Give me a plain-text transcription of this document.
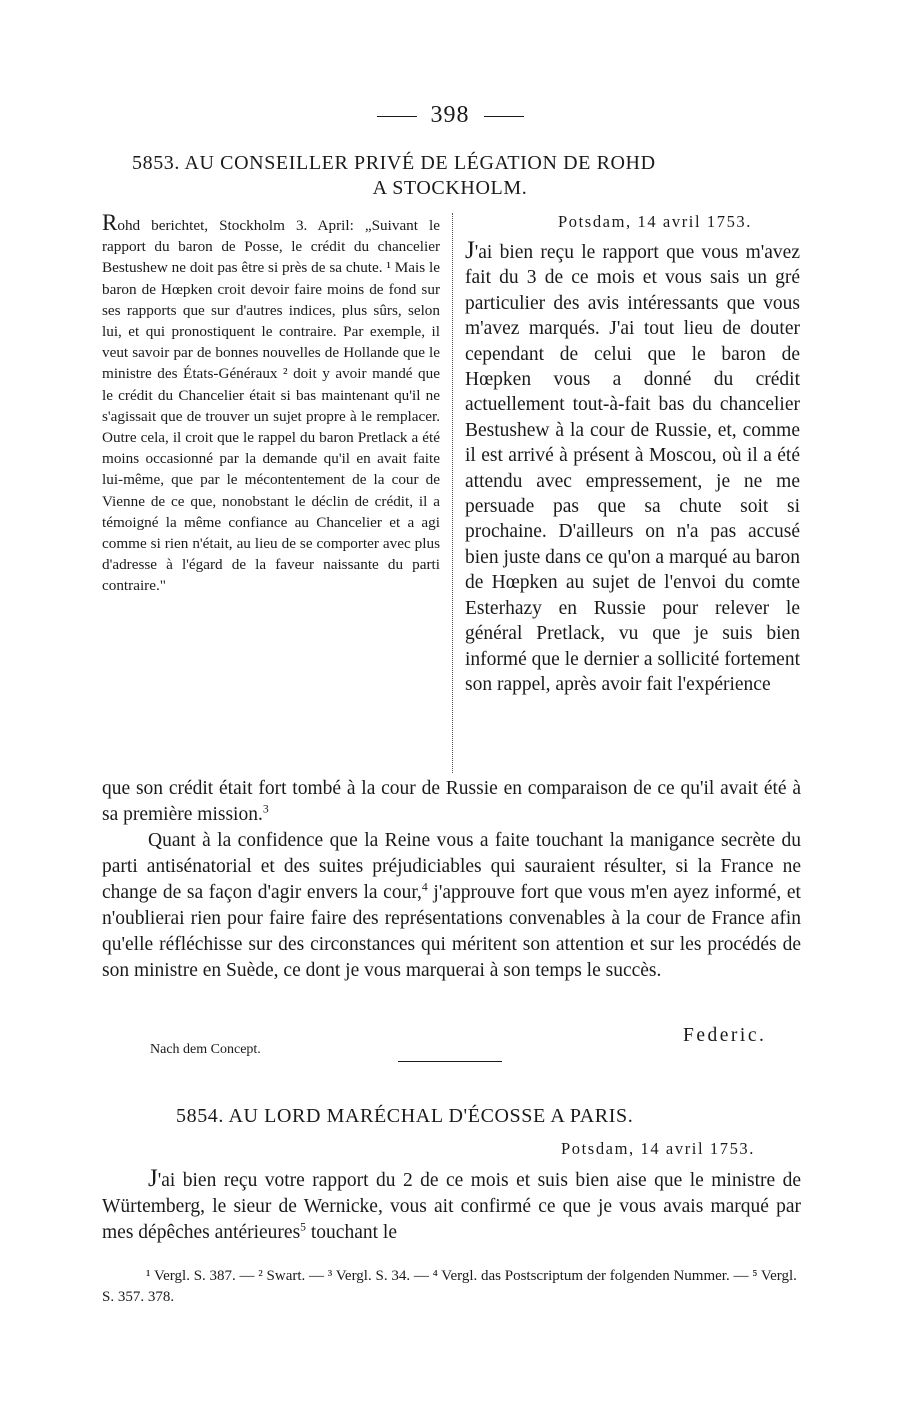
398
5853. AU CONSEILLER PRIVÉ DE LÉGATION DE ROHD
A STOCKHOLM.
Rohd berichtet, Stockholm 3. April: „Suivant le rapport du baron de Posse, le crédit du chancelier Bestushew ne doit pas être si près de sa chute. ¹ Mais le baron de Hœpken croit devoir faire moins de fond sur ses rapports que sur d'autres indices, plus sûrs, selon lui, et qui pronostiquent le contraire. Par exemple, il veut savoir par de bonnes nouvelles de Hollande que le ministre des États-Généraux ² doit y avoir mandé que le crédit du Chancelier était si bas maintenant qu'il ne s'agissait que de trouver un sujet propre à le remplacer. Outre cela, il croit que le rappel du baron Pretlack a été moins occasionné par la demande qu'il en avait faite lui-même, que par le mécontentement de la cour de Vienne de ce que, nonobstant le déclin de crédit, il a témoigné la même confiance au Chancelier et a agi comme si rien n'était, au lieu de se comporter avec plus d'adresse à l'égard de la faveur naissante du parti contraire."
Potsdam, 14 avril 1753.
J'ai bien reçu le rapport que vous m'avez fait du 3 de ce mois et vous sais un gré particulier des avis intéressants que vous m'avez marqués. J'ai tout lieu de douter cependant de celui que le baron de Hœpken vous a donné du crédit actuellement tout-à-fait bas du chancelier Bestushew à la cour de Russie, et, comme il est arrivé à présent à Moscou, où il a été attendu avec empressement, je ne me persuade pas que sa chute soit si prochaine. D'ailleurs on n'a pas accusé bien juste dans ce qu'on a marqué au baron de Hœpken au sujet de l'envoi du comte Esterhazy en Russie pour relever le général Pretlack, vu que je suis bien informé que le dernier a sollicité fortement son rappel, après avoir fait l'expérience
que son crédit était fort tombé à la cour de Russie en comparaison de ce qu'il avait été à sa première mission.$^3$
Quant à la confidence que la Reine vous a faite touchant la manigance secrète du parti antisénatorial et des suites préjudiciables qui sauraient résulter, si la France ne change de sa façon d'agir envers la cour,$^4$ j'approuve fort que vous m'en ayez informé, et n'oublierai rien pour faire faire des représentations convenables à la cour de France afin qu'elle réfléchisse sur des circonstances qui méritent son attention et sur les procédés de son ministre en Suède, ce dont je vous marquerai à son temps le succès.
Federic.
Nach dem Concept.
5854. AU LORD MARÉCHAL D'ÉCOSSE A PARIS.
Potsdam, 14 avril 1753.
J'ai bien reçu votre rapport du 2 de ce mois et suis bien aise que le ministre de Würtemberg, le sieur de Wernicke, vous ait confirmé ce que je vous avais marqué par mes dépêches antérieures$^5$ touchant le
¹ Vergl. S. 387. — ² Swart. — ³ Vergl. S. 34. — ⁴ Vergl. das Postscriptum der folgenden Nummer. — ⁵ Vergl. S. 357. 378.
